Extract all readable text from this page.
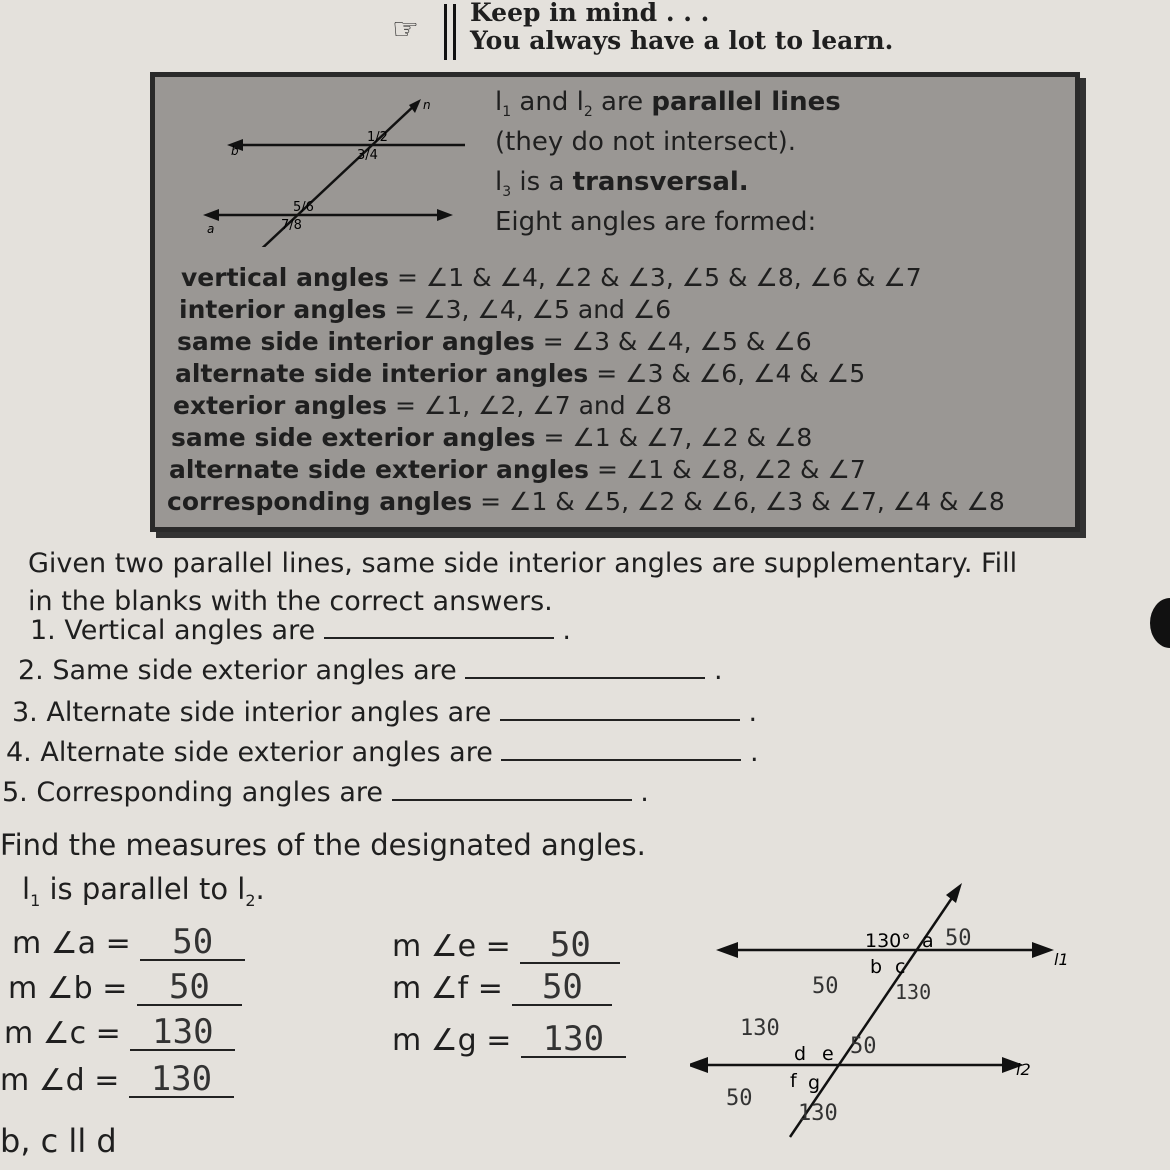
☞ Keep in mind . . .
You always have a lot to learn.
n
b
a
1/2
3/4
5/6
7/8
$l_1$ and $l_2$ are parallel lines
(they do not intersect).
$l_3$ is a transversal.
Eight angles are formed:
vertical angles = ∠1 & ∠4, ∠2 & ∠3, ∠5 & ∠8, ∠6 & ∠7
interior angles = ∠3, ∠4, ∠5 and ∠6
same side interior angles = ∠3 & ∠4, ∠5 & ∠6
alternate side interior angles = ∠3 & ∠6, ∠4 & ∠5
exterior angles = ∠1, ∠2, ∠7 and ∠8
same side exterior angles = ∠1 & ∠7, ∠2 & ∠8
alternate side exterior angles = ∠1 & ∠8, ∠2 & ∠7
corresponding angles = ∠1 & ∠5, ∠2 & ∠6, ∠3 & ∠7, ∠4 & ∠8
Given two parallel lines, same side interior angles are supplementary. Fill
in the blanks with the correct answers.
1. Vertical angles are	.
2. Same side exterior angles are	.
3. Alternate side interior angles are	.
4. Alternate side exterior angles are	.
5. Corresponding angles are	.
Find the measures of the designated angles.
$l_1$ is parallel to $l_2$.
m ∠a = 50
m ∠b = 50
m ∠c = 130
m ∠d = 130
m ∠e = 50
m ∠f = 50
m ∠g = 130
b, c ll d
130° a
b c
d e
f g
l1
l2
50
50	130
130
50
50
130
